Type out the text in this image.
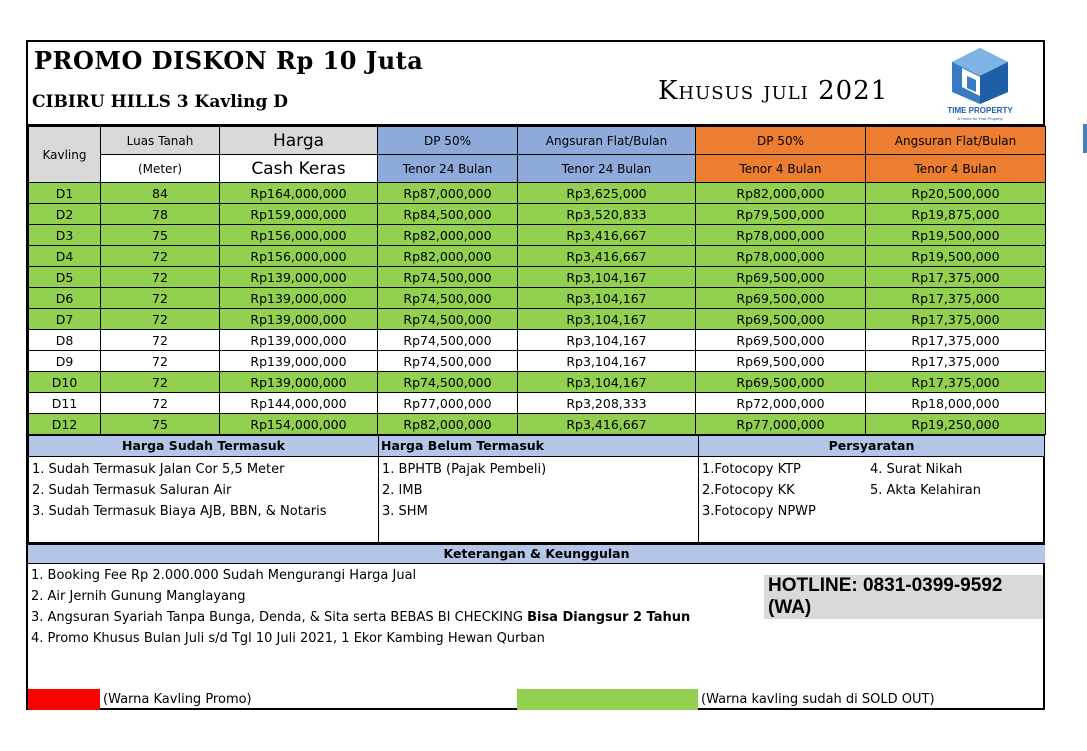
PROMO DISKON Rp 10 Juta
CIBIRU HILLS 3 Kavling D	Khusus juli 2021
TIME PROPERTY
A Home for Your Property
Kavling	Luas Tanah	Harga	DP 50%	Angsuran Flat/Bulan	DP 50%	Angsuran Flat/Bulan
	(Meter)	Cash Keras	Tenor 24 Bulan	Tenor 24 Bulan	Tenor 4 Bulan	Tenor 4 Bulan
D1	84	Rp164,000,000	Rp87,000,000	Rp3,625,000	Rp82,000,000	Rp20,500,000
D2	78	Rp159,000,000	Rp84,500,000	Rp3,520,833	Rp79,500,000	Rp19,875,000
D3	75	Rp156,000,000	Rp82,000,000	Rp3,416,667	Rp78,000,000	Rp19,500,000
D4	72	Rp156,000,000	Rp82,000,000	Rp3,416,667	Rp78,000,000	Rp19,500,000
D5	72	Rp139,000,000	Rp74,500,000	Rp3,104,167	Rp69,500,000	Rp17,375,000
D6	72	Rp139,000,000	Rp74,500,000	Rp3,104,167	Rp69,500,000	Rp17,375,000
D7	72	Rp139,000,000	Rp74,500,000	Rp3,104,167	Rp69,500,000	Rp17,375,000
D8	72	Rp139,000,000	Rp74,500,000	Rp3,104,167	Rp69,500,000	Rp17,375,000
D9	72	Rp139,000,000	Rp74,500,000	Rp3,104,167	Rp69,500,000	Rp17,375,000
D10	72	Rp139,000,000	Rp74,500,000	Rp3,104,167	Rp69,500,000	Rp17,375,000
D11	72	Rp144,000,000	Rp77,000,000	Rp3,208,333	Rp72,000,000	Rp18,000,000
D12	75	Rp154,000,000	Rp82,000,000	Rp3,416,667	Rp77,000,000	Rp19,250,000
Harga Sudah Termasuk	Harga Belum Termasuk	Persyaratan
1. Sudah Termasuk Jalan Cor 5,5 Meter
2. Sudah Termasuk Saluran Air
3. Sudah Termasuk Biaya AJB, BBN, & Notaris
1. BPHTB (Pajak Pembeli)
2. IMB
3. SHM
1.Fotocopy KTP
2.Fotocopy KK
3.Fotocopy NPWP
4. Surat Nikah
5. Akta Kelahiran
Keterangan & Keunggulan
1. Booking Fee Rp 2.000.000 Sudah Mengurangi Harga Jual
2. Air Jernih Gunung Manglayang
3. Angsuran Syariah Tanpa Bunga, Denda, & Sita serta BEBAS BI CHECKING Bisa Diangsur 2 Tahun
4. Promo Khusus Bulan Juli s/d Tgl 10 Juli 2021, 1 Ekor Kambing Hewan Qurban
HOTLINE: 0831-0399-9592 (WA)
(Warna Kavling Promo)	(Warna kavling sudah di SOLD OUT)
